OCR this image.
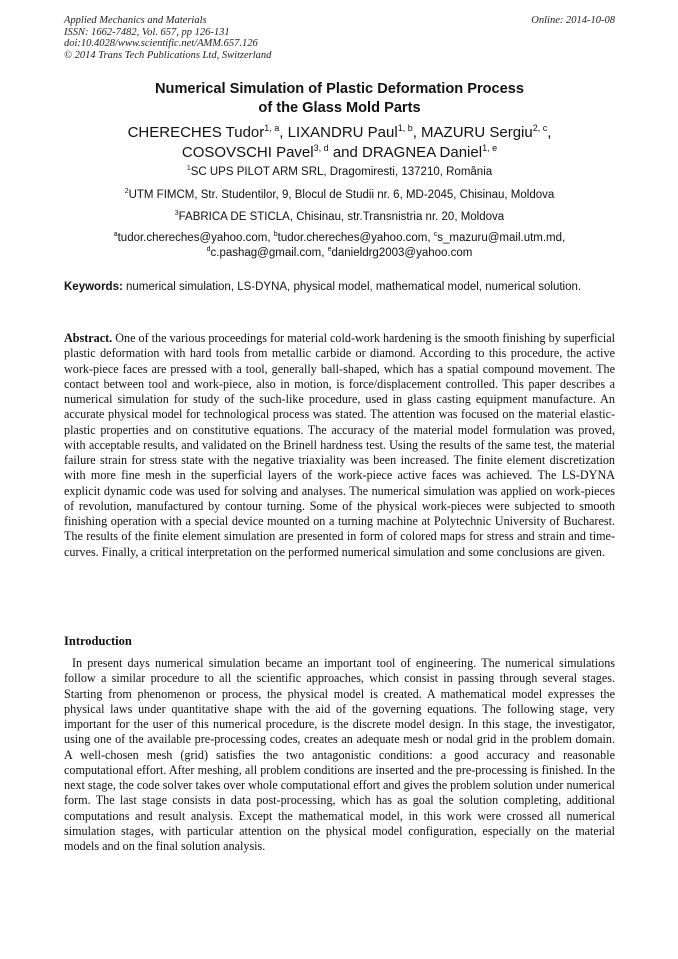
Applied Mechanics and Materials
ISSN: 1662-7482, Vol. 657, pp 126-131
doi:10.4028/www.scientific.net/AMM.657.126
© 2014 Trans Tech Publications Ltd, Switzerland
Online: 2014-10-08
Numerical Simulation of Plastic Deformation Process
of the Glass Mold Parts
CHERECHES Tudor$^{1, a}$, LIXANDRU Paul$^{1, b}$, MAZURU Sergiu$^{2, c}$,
COSOVSCHI Pavel$^{3, d}$ and DRAGNEA Daniel$^{1, e}$
$^1$SC UPS PILOT ARM SRL, Dragomiresti, 137210, România
$^2$UTM FIMCM, Str. Studentilor, 9, Blocul de Studii nr. 6, MD-2045, Chisinau, Moldova
$^3$FABRICA DE STICLA, Chisinau, str.Transnistria nr. 20, Moldova
$^a$tudor.chereches@yahoo.com, $^b$tudor.chereches@yahoo.com, $^c$s_mazuru@mail.utm.md,
$^d$c.pashag@gmail.com, $^e$danieldrg2003@yahoo.com
Keywords: numerical simulation, LS-DYNA, physical model, mathematical model, numerical solution.
Abstract. One of the various proceedings for material cold-work hardening is the smooth finishing by superficial plastic deformation with hard tools from metallic carbide or diamond. According to this procedure, the active work-piece faces are pressed with a tool, generally ball-shaped, which has a spatial compound movement. The contact between tool and work-piece, also in motion, is force/displacement controlled. This paper describes a numerical simulation for study of the such-like procedure, used in glass casting equipment manufacture. An accurate physical model for technological process was stated. The attention was focused on the material elastic-plastic properties and on constitutive equations. The accuracy of the material model formulation was proved, with acceptable results, and validated on the Brinell hardness test. Using the results of the same test, the material failure strain for stress state with the negative triaxiality was been increased. The finite element discretization with more fine mesh in the superficial layers of the work-piece active faces was achieved. The LS-DYNA explicit dynamic code was used for solving and analyses. The numerical simulation was applied on work-pieces of revolution, manufactured by contour turning. Some of the physical work-pieces were subjected to smooth finishing operation with a special device mounted on a turning machine at Polytechnic University of Bucharest. The results of the finite element simulation are presented in form of colored maps for stress and strain and time-curves. Finally, a critical interpretation on the performed numerical simulation and some conclusions are given.
Introduction
In present days numerical simulation became an important tool of engineering. The numerical simulations follow a similar procedure to all the scientific approaches, which consist in passing through several stages. Starting from phenomenon or process, the physical model is created. A mathematical model expresses the physical laws under quantitative shape with the aid of the governing equations. The following stage, very important for the user of this numerical procedure, is the discrete model design. In this stage, the investigator, using one of the available pre-processing codes, creates an adequate mesh or nodal grid in the problem domain. A well-chosen mesh (grid) satisfies the two antagonistic conditions: a good accuracy and reasonable computational effort. After meshing, all problem conditions are inserted and the pre-processing is finished. In the next stage, the code solver takes over whole computational effort and gives the problem solution under numerical form. The last stage consists in data post-processing, which has as goal the solution completing, additional computations and result analysis. Except the mathematical model, in this work were crossed all numerical simulation stages, with particular attention on the physical model configuration, especially on the material models and on the final solution analysis.
